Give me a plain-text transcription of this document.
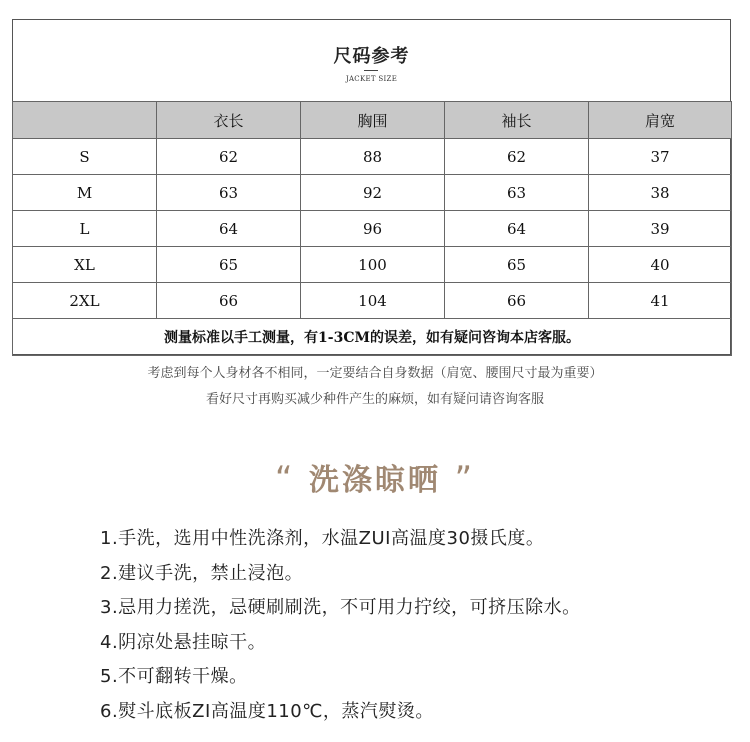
尺码参考
JACKET SIZE
	衣长	胸围	袖长	肩宽
S	62	88	62	37
M	63	92	63	38
L	64	96	64	39
XL	65	100	65	40
2XL	66	104	66	41
测量标准以手工测量，有1-3CM的误差，如有疑问咨询本店客服。				
考虑到每个人身材各不相同，一定要结合自身数据（肩宽、腰围尺寸最为重要）
看好尺寸再购买减少种件产生的麻烦，如有疑问请咨询客服
“ 洗涤晾晒 ”
1.手洗，选用中性洗涤剂，水温ZUI高温度30摄氏度。
2.建议手洗，禁止浸泡。
3.忌用力搓洗，忌硬刷刷洗，不可用力拧绞，可挤压除水。
4.阴凉处悬挂晾干。
5.不可翻转干燥。
6.熨斗底板ZI高温度110℃，蒸汽熨烫。
